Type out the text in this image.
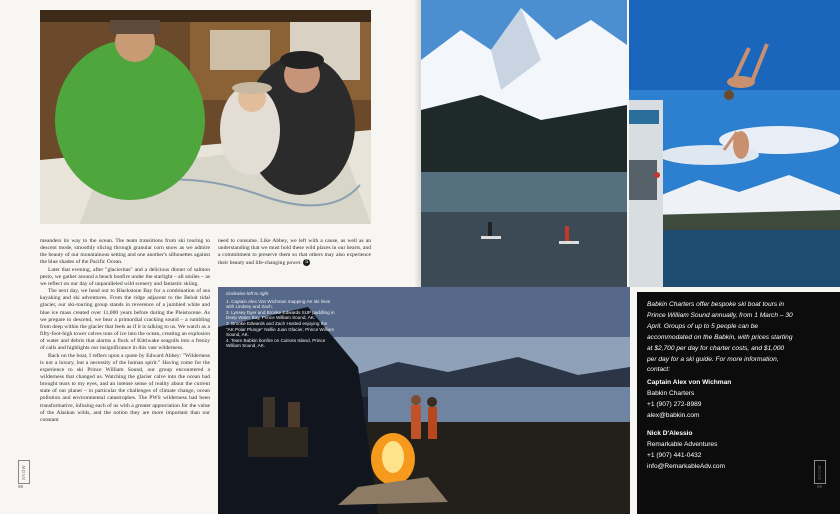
meanders its way to the ocean. The team transitions from ski touring to descent mode, smoothly slicing through granular corn snow as we admire the beauty of our mountainous setting and one another's silhouettes against the blue shades of the Pacific Ocean.

Later that evening, after "glacieritas" and a delicious dinner of salmon pesto, we gather around a beach bonfire under the starlight – all smiles – as we reflect on our day of unparalleled wild scenery and fantastic skiing.

The next day, we head out to Blackstone Bay for a combination of sea kayaking and ski adventures. From the ridge adjacent to the Beloit tidal glacier, our ski-touring group stands in reverence of a jumbled white and blue ice mass created over 11,000 years before during the Pleistocene. As we prepare to descend, we hear a primordial cracking sound – a rumbling from deep within the glacier that feels as if it is talking to us. We watch as a fifty-foot-high tower calves tons of ice into the ocean, creating an explosion of water and debris that alarms a flock of Kittiwake seagulls into a frenzy of calls and highlights our insignificance in this vast wilderness.

Back on the boat, I reflect upon a quote by Edward Abbey: "Wilderness is not a luxury, but a necessity of the human spirit." Having come for the experience to ski Prince William Sound, our group encountered a wilderness that changed us. Watching the glacier calve into the ocean had brought tears to my eyes, and an intense sense of reality about the current state of our planet – in particular the challenges of climate change, ocean pollution and environmental catastrophes. The PWS wilderness had been transformative, infusing each of us with a greater appreciation for the value of the Alaskan wilds, and the notion they are more important than our constant

need to consume. Like Abbey, we left with a cause, as well as an understanding that we must hold these wild places in our hearts, and a commitment to preserve them so that others may also experience their beauty and life-changing power. S

clockwise left to right
1. Captain Alex Von Wichman mapping AK ski lines with Lindsey and Zach.
2. Lynsey Dyer and Brooke Edwards SUP paddling in Deep Water Bay, Prince William Sound, AK.
3. Brooke Edwards and Zach Husted enjoying the "AK Polar Plunge" Nellie Juan Glacier, Prince William Sound, AK.
4. Team Babkin bonfire on Culross Island, Prince William Sound, AK.
Babkin Charters offer bespoke ski boat tours in Prince William Sound annually, from 1 March – 30 April. Groups of up to 5 people can be accommodated on the Babkin, with prices starting at $2,700 per day for charter costs, and $1,000 per day for a ski guide. For more information, contact:
Captain Alex von Wichman
Babkin Charters
+1 (907) 272-8989
alex@babkin.com
Nick D'Alessio
Remarkable Adventures
+1 (907) 441-0432
info@RemarkableAdv.com
SNOW
98
SNOW
99
